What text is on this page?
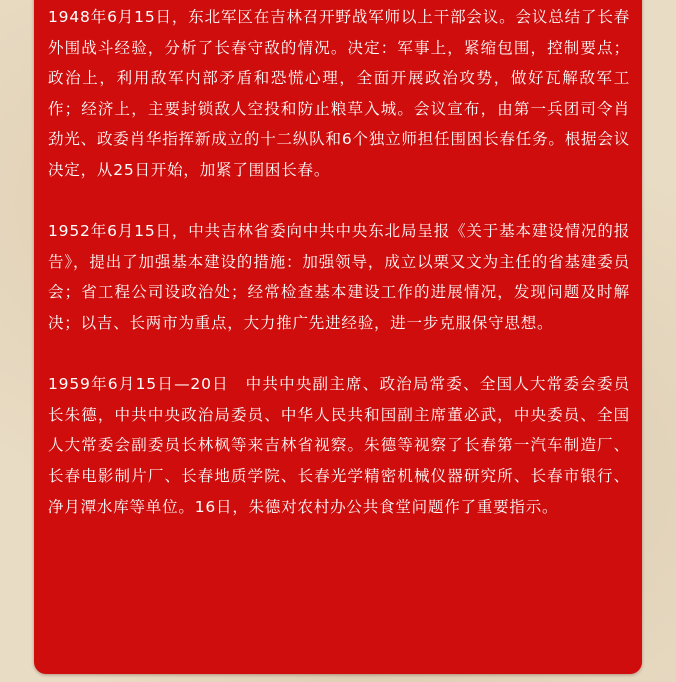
1948年6月15日，东北军区在吉林召开野战军师以上干部会议。会议总结了长春外围战斗经验，分析了长春守敌的情况。决定：军事上，紧缩包围，控制要点；政治上，利用敌军内部矛盾和恐慌心理，全面开展政治攻势，做好瓦解敌军工作；经济上，主要封锁敌人空投和防止粮草入城。会议宣布，由第一兵团司令肖劲光、政委肖华指挥新成立的十二纵队和6个独立师担任围困长春任务。根据会议决定，从25日开始，加紧了围困长春。

1952年6月15日，中共吉林省委向中共中央东北局呈报《关于基本建设情况的报告》，提出了加强基本建设的措施：加强领导，成立以栗又文为主任的省基建委员会；省工程公司设政治处；经常检查基本建设工作的进展情况，发现问题及时解决；以吉、长两市为重点，大力推广先进经验，进一步克服保守思想。

1959年6月15日—20日　中共中央副主席、政治局常委、全国人大常委会委员长朱德，中共中央政治局委员、中华人民共和国副主席董必武，中央委员、全国人大常委会副委员长林枫等来吉林省视察。朱德等视察了长春第一汽车制造厂、长春电影制片厂、长春地质学院、长春光学精密机械仪器研究所、长春市银行、净月潭水库等单位。16日，朱德对农村办公共食堂问题作了重要指示。
